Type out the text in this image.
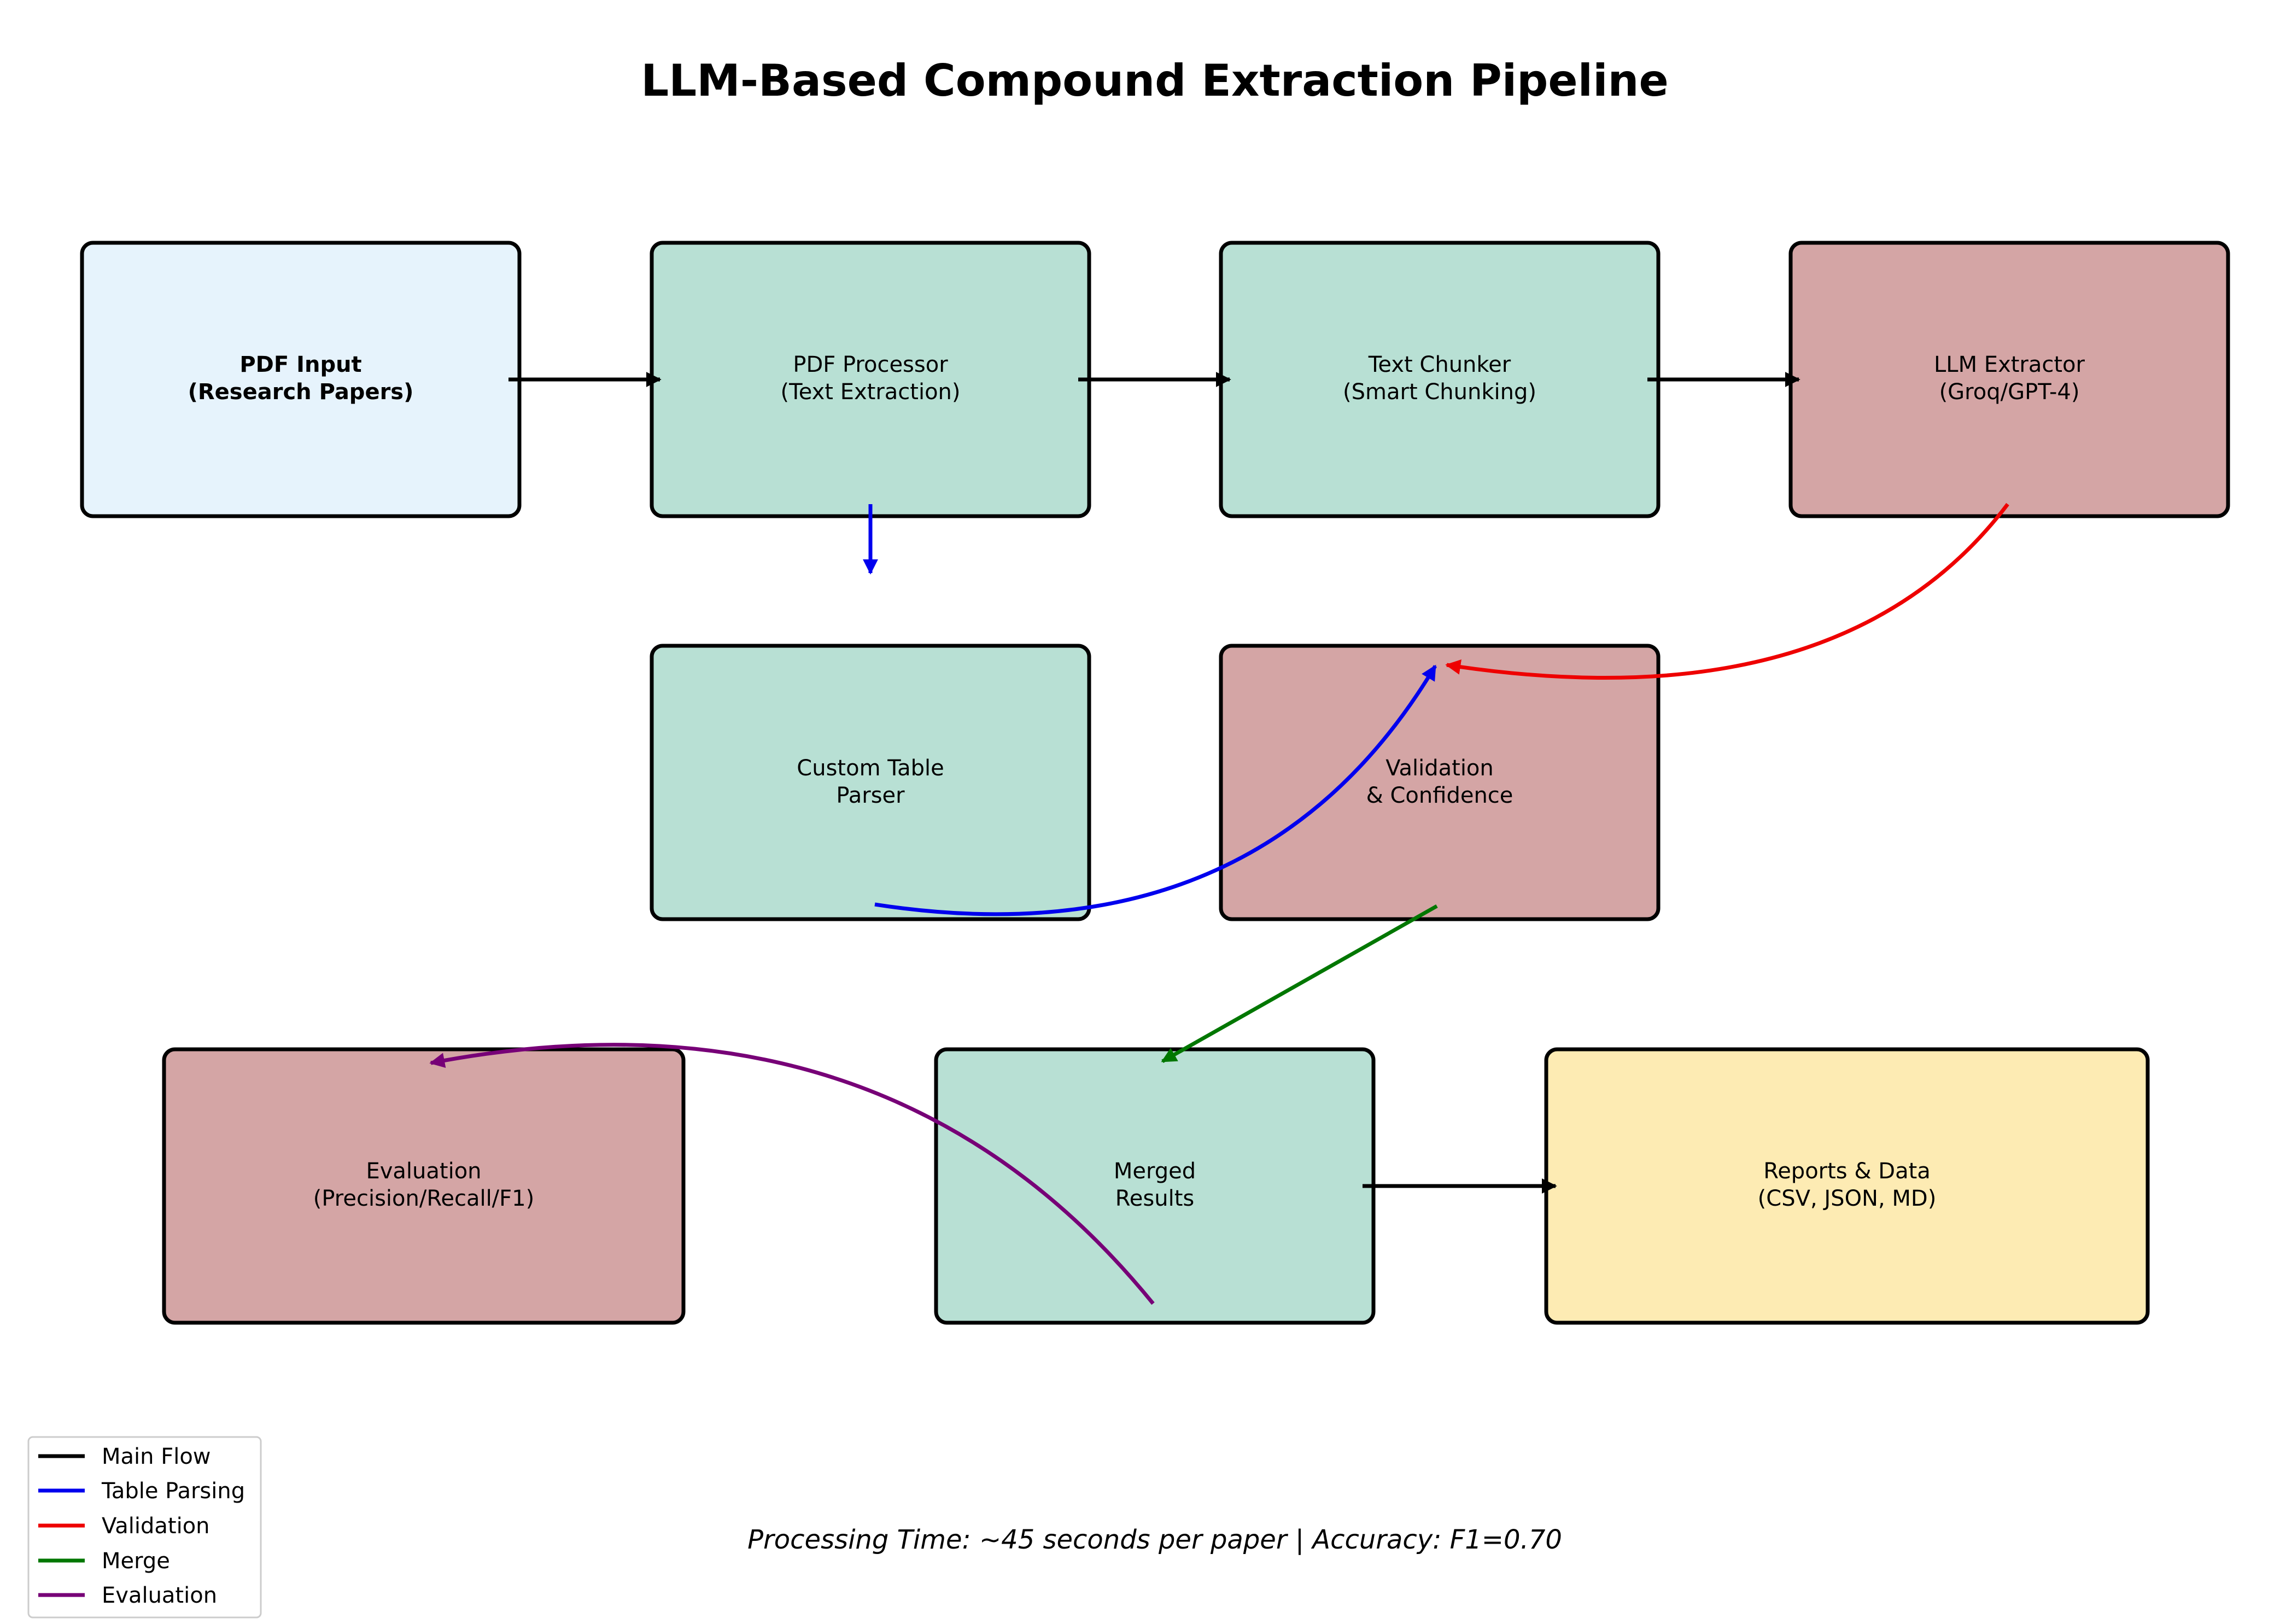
LLM-Based Compound Extraction Pipeline
PDF Input
(Research Papers)
PDF Processor
(Text Extraction)
Text Chunker
(Smart Chunking)
LLM Extractor
(Groq/GPT-4)
Custom Table
Parser
Validation
& Confidence
Evaluation
(Precision/Recall/F1)
Merged
Results
Reports & Data
(CSV, JSON, MD)
Processing Time: ~45 seconds per paper | Accuracy: F1=0.70
Main Flow
Table Parsing
Validation
Merge
Evaluation
